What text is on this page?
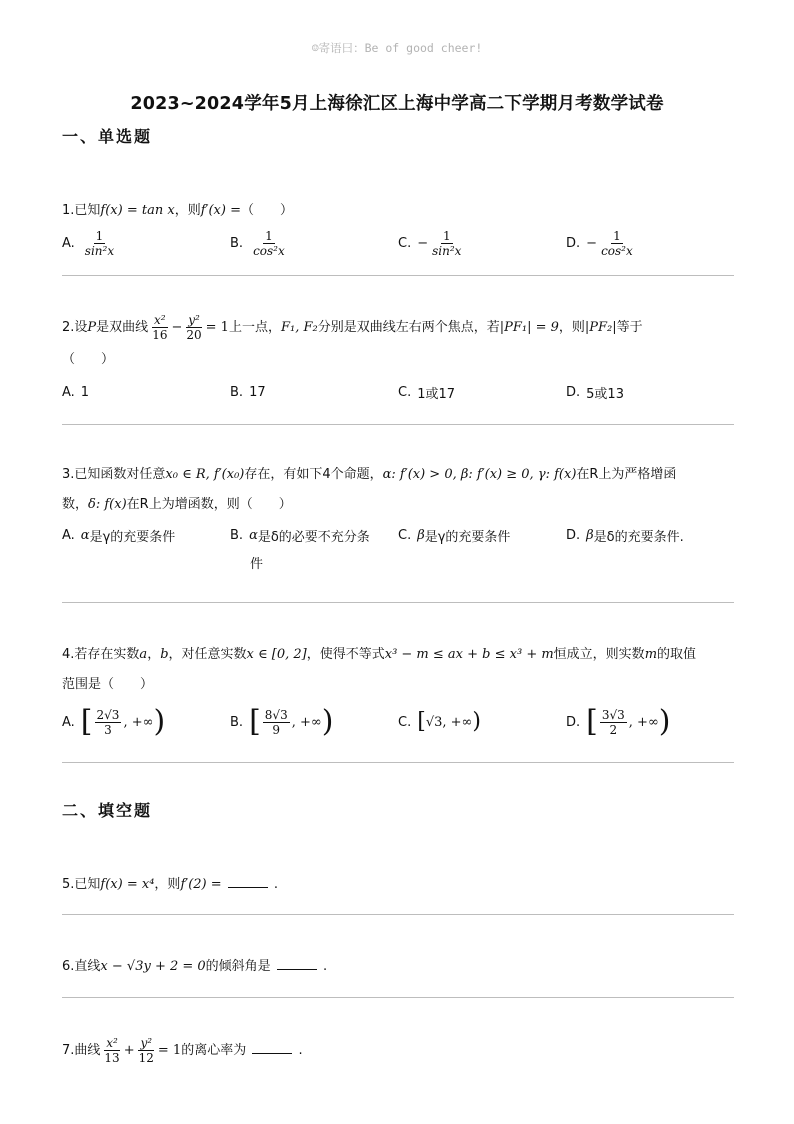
☺寄语曰：Be of good cheer!
2023~2024学年5月上海徐汇区上海中学高二下学期月考数学试卷
一、单选题
1.已知f(x) = tan x，则f′(x) =（　　）
A. $\frac{1}{\text{sin²x}}$	B. $\frac{1}{\text{cos²x}}$	C. − $\frac{1}{\text{sin²x}}$	D. − $\frac{1}{\text{cos²x}}$
2.设P是双曲线 $\frac{\text{x²}}{16} - \frac{\text{y²}}{20} = 1$上一点，F₁, F₂分别是双曲线左右两个焦点，若|PF₁| = 9，则|PF₂|等于
（　　）
A. 1	B. 17	C. 1或17	D. 5或13
3.已知函数对任意x₀ ∈ R, f′(x₀)存在，有如下4个命题，α: f′(x) > 0, β: f′(x) ≥ 0, γ: f(x)在R上为严格增函
数，δ: f(x)在R上为增函数，则（　　）
A. α 是γ的充要条件	B. α 是δ的必要不充分条
件
C. β 是γ的充要条件	D. β 是δ的充要条件.
4.若存在实数a，b，对任意实数x ∈ [0, 2]，使得不等式x³ − m ≤ ax + b ≤ x³ + m恒成立，则实数m的取值
范围是（　　）
A. [ $\frac{2√3}{3}$ , +∞ )	B. [ $\frac{8√3}{9}$ , +∞ )	C. [ √3, +∞ )	D. [ $\frac{3√3}{2}$ , +∞ )
二、填空题
5.已知f(x) = x⁴，则f′(2) =	.
6.直线x − √3y + 2 = 0的倾斜角是	.
7.曲线 $\frac{\text{x²}}{13} + \frac{\text{y²}}{12} = 1$的离心率为	.
